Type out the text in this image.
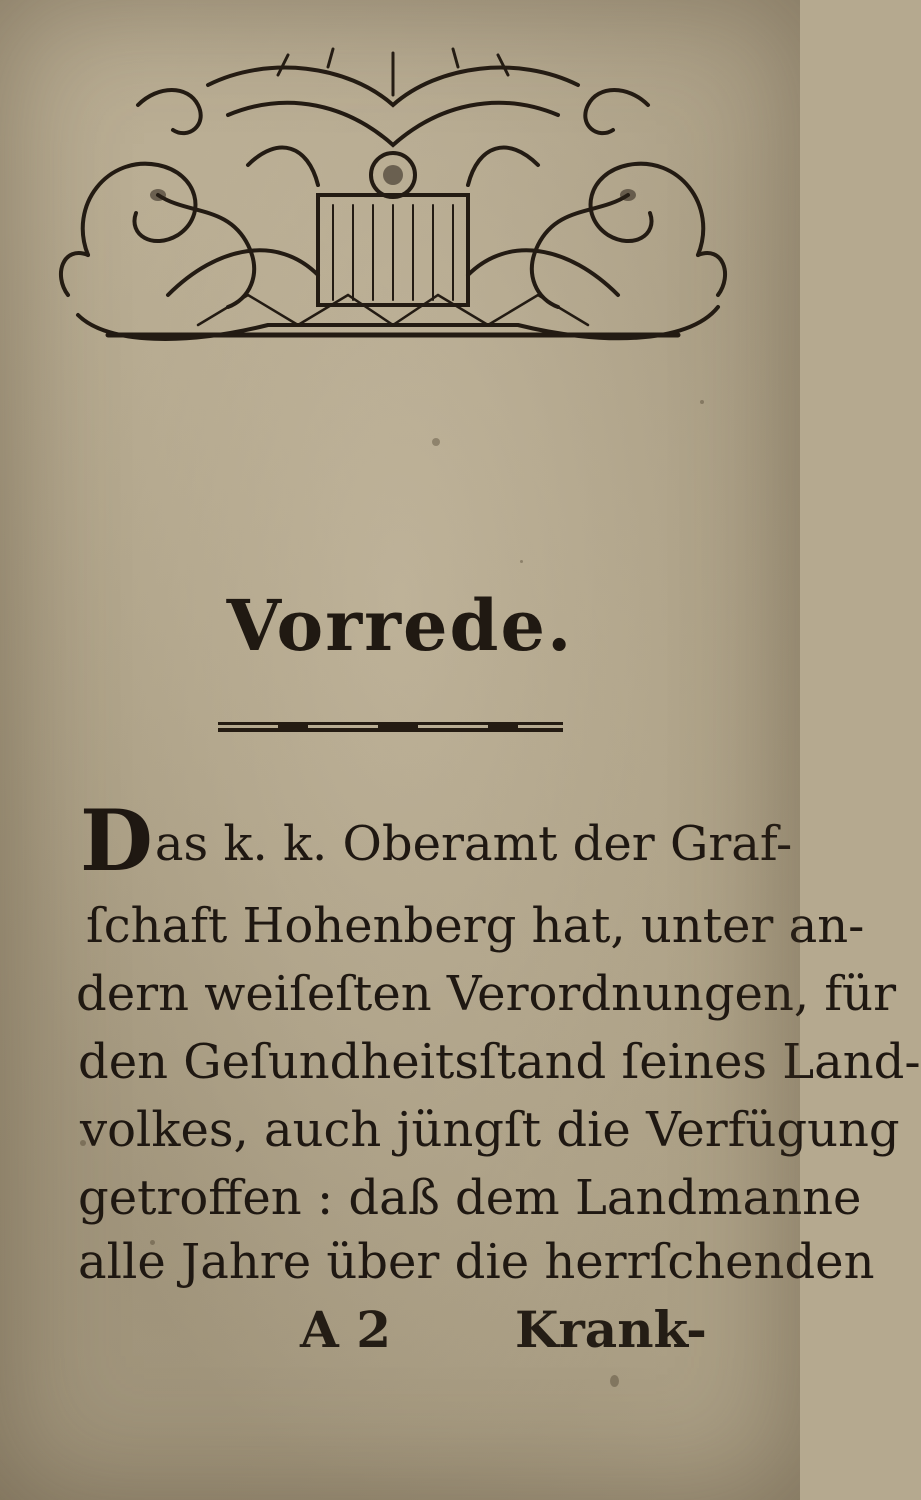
Vorrede.
Das k. k. Oberamt der Graf-
ſchaft Hohenberg hat, unter an-
dern weiſeſten Verordnungen, für
den Geſundheitsſtand ſeines Land-
volkes, auch jüngſt die Verfügung
getroffen : daß dem Landmanne
alle Jahre über die herrſchenden
A 2 Krank-
